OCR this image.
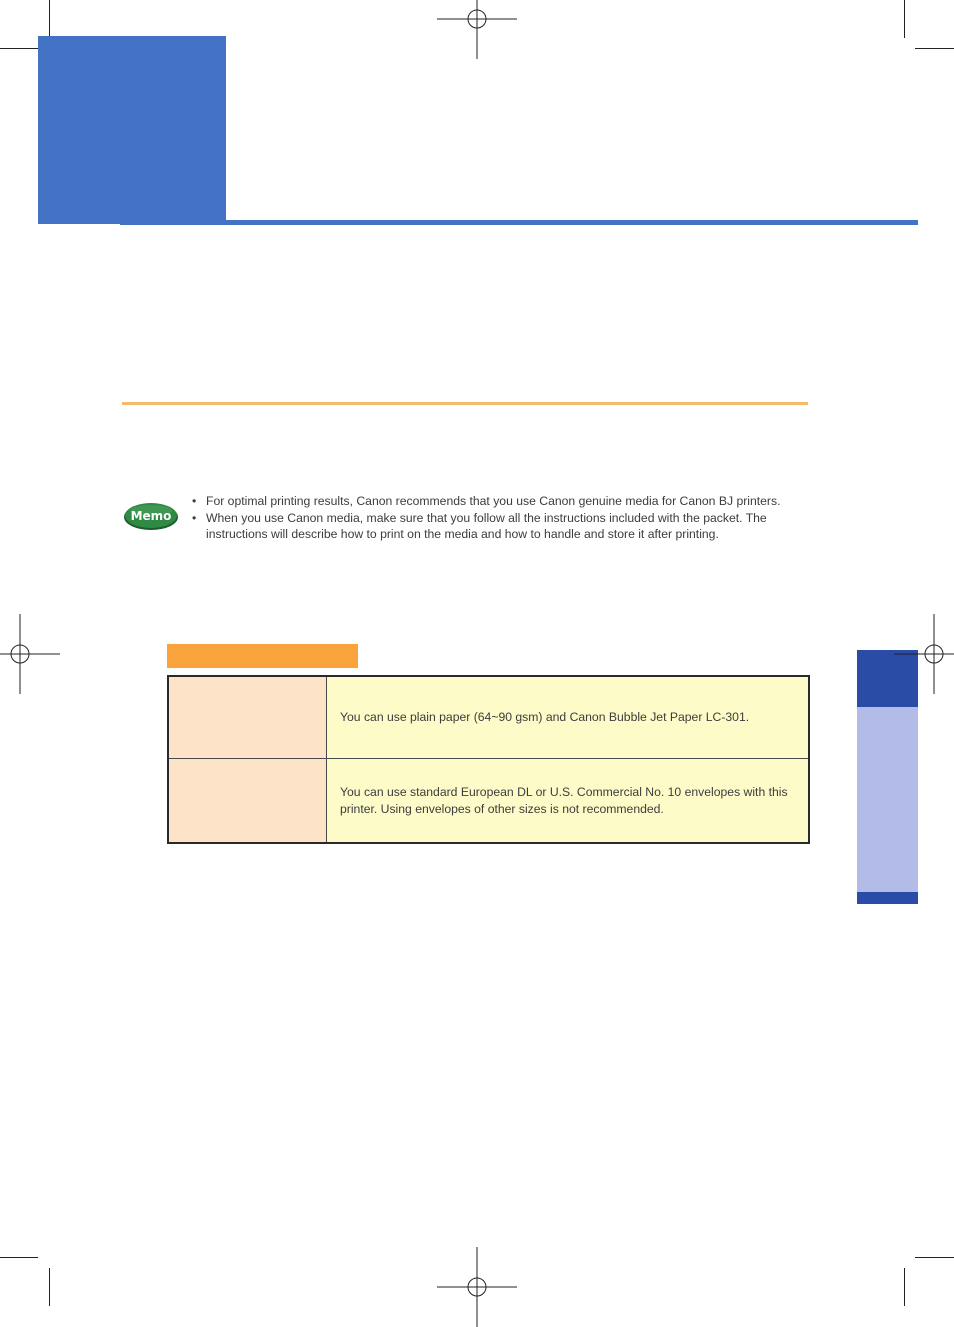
Memo
• For optimal printing results, Canon recommends that you use Canon genuine media for Canon BJ printers.
• When you use Canon media, make sure that you follow all the instructions included with the packet. The instructions will describe how to print on the media and how to handle and store it after printing.
You can use plain paper (64~90 gsm) and Canon Bubble Jet Paper LC-301.
You can use standard European DL or U.S. Commercial No. 10 envelopes with this printer. Using envelopes of other sizes is not recommended.
